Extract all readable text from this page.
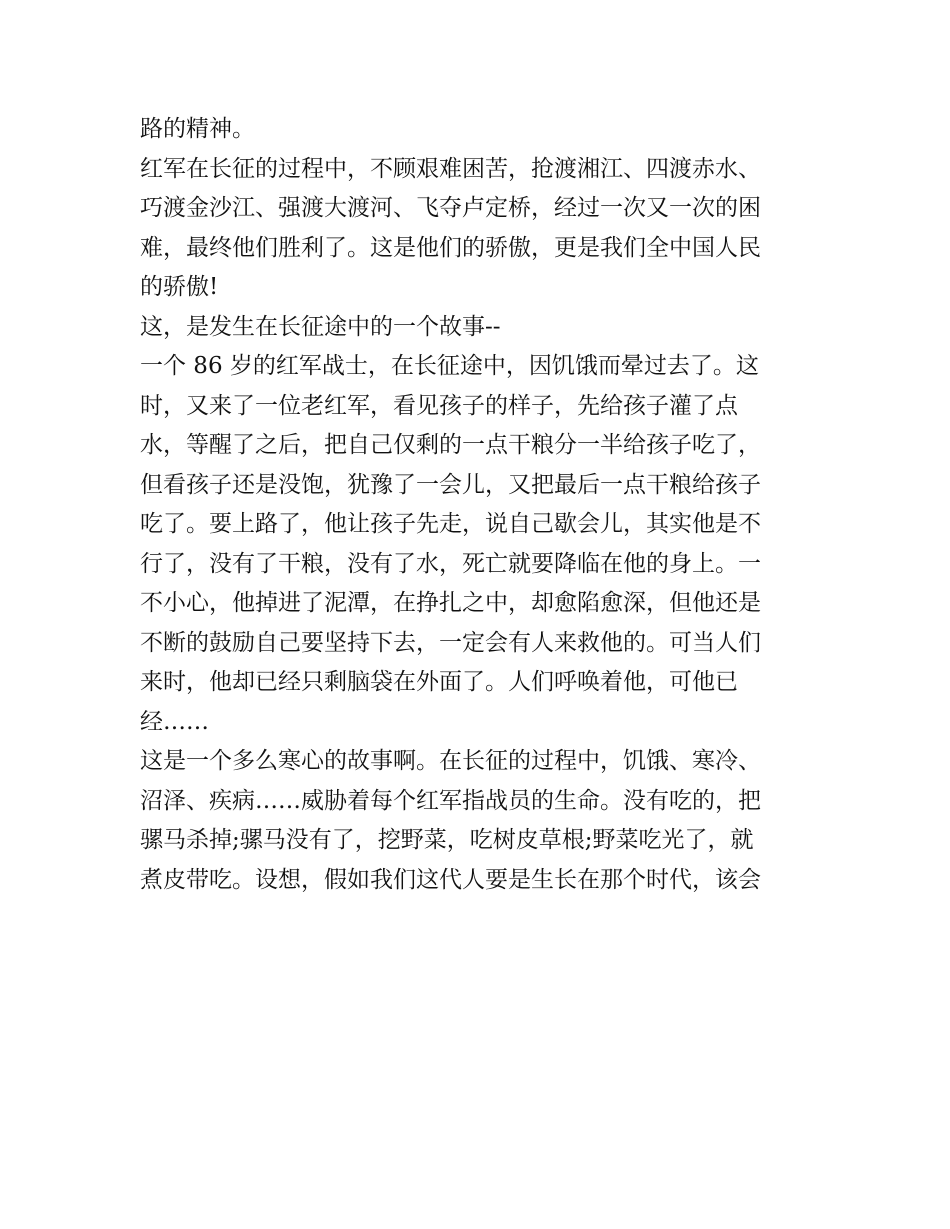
路的精神。
红军在长征的过程中，不顾艰难困苦，抢渡湘江、四渡赤水、
巧渡金沙江、强渡大渡河、飞夺卢定桥，经过一次又一次的困
难，最终他们胜利了。这是他们的骄傲，更是我们全中国人民
的骄傲!
这，是发生在长征途中的一个故事--
一个 86 岁的红军战士，在长征途中，因饥饿而晕过去了。这
时，又来了一位老红军，看见孩子的样子，先给孩子灌了点
水，等醒了之后，把自己仅剩的一点干粮分一半给孩子吃了，
但看孩子还是没饱，犹豫了一会儿，又把最后一点干粮给孩子
吃了。要上路了，他让孩子先走，说自己歇会儿，其实他是不
行了，没有了干粮，没有了水，死亡就要降临在他的身上。一
不小心，他掉进了泥潭，在挣扎之中，却愈陷愈深，但他还是
不断的鼓励自己要坚持下去，一定会有人来救他的。可当人们
来时，他却已经只剩脑袋在外面了。人们呼唤着他，可他已
经……
这是一个多么寒心的故事啊。在长征的过程中，饥饿、寒冷、
沼泽、疾病……威胁着每个红军指战员的生命。没有吃的，把
骡马杀掉;骡马没有了，挖野菜，吃树皮草根;野菜吃光了，就
煮皮带吃。设想，假如我们这代人要是生长在那个时代，该会
